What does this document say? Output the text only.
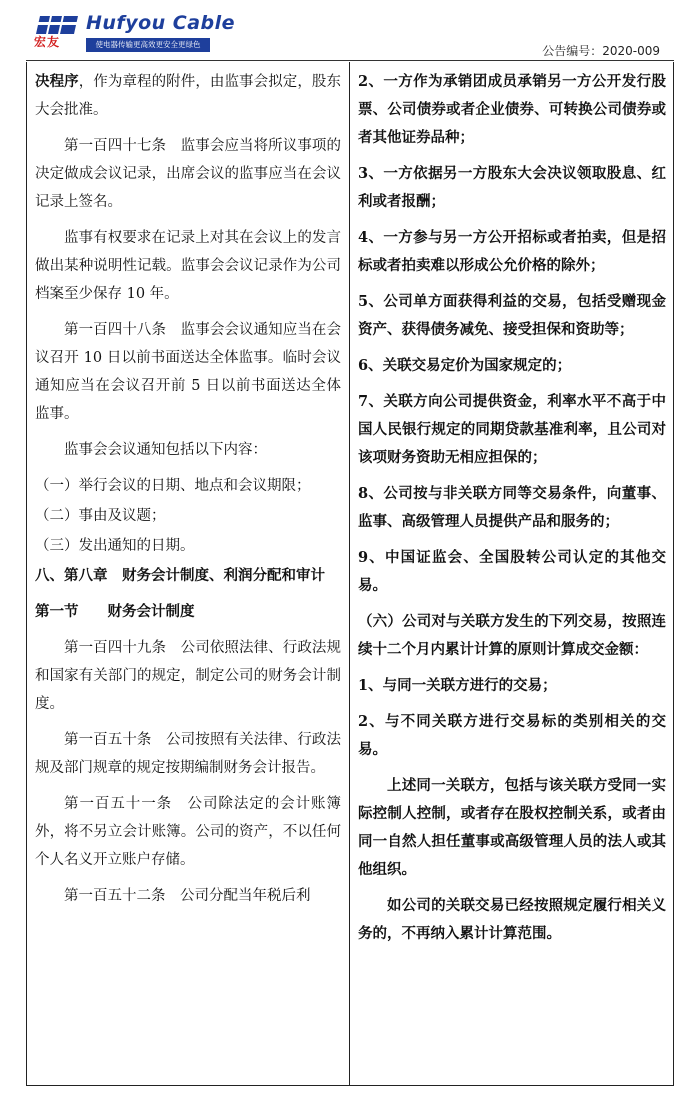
宏友
Hufyou Cable
使电器传输更高效更安全更绿色	公告编号：2020-009

决程序，作为章程的附件，由监事会拟定，股东大会批准。

第一百四十七条　监事会应当将所议事项的决定做成会议记录，出席会议的监事应当在会议记录上签名。

监事有权要求在记录上对其在会议上的发言做出某种说明性记载。监事会会议记录作为公司档案至少保存 10 年。

第一百四十八条　监事会会议通知应当在会议召开 10 日以前书面送达全体监事。临时会议通知应当在会议召开前 5 日以前书面送达全体监事。

监事会会议通知包括以下内容：

（一）举行会议的日期、地点和会议期限；

（二）事由及议题；

（三）发出通知的日期。

八、第八章　财务会计制度、利润分配和审计

第一节　　财务会计制度

第一百四十九条　公司依照法律、行政法规和国家有关部门的规定，制定公司的财务会计制度。

第一百五十条　公司按照有关法律、行政法规及部门规章的规定按期编制财务会计报告。

第一百五十一条　公司除法定的会计账簿外，将不另立会计账簿。公司的资产，不以任何个人名义开立账户存储。

第一百五十二条　公司分配当年税后利

2、一方作为承销团成员承销另一方公开发行股票、公司债券或者企业债券、可转换公司债券或者其他证券品种；

3、一方依据另一方股东大会决议领取股息、红利或者报酬；

4、一方参与另一方公开招标或者拍卖，但是招标或者拍卖难以形成公允价格的除外；

5、公司单方面获得利益的交易，包括受赠现金资产、获得债务减免、接受担保和资助等；

6、关联交易定价为国家规定的；

7、关联方向公司提供资金，利率水平不高于中国人民银行规定的同期贷款基准利率，且公司对该项财务资助无相应担保的；

8、公司按与非关联方同等交易条件，向董事、监事、高级管理人员提供产品和服务的；

9、中国证监会、全国股转公司认定的其他交易。

（六）公司对与关联方发生的下列交易，按照连续十二个月内累计计算的原则计算成交金额：

1、与同一关联方进行的交易；

2、与不同关联方进行交易标的类别相关的交易。

上述同一关联方，包括与该关联方受同一实际控制人控制，或者存在股权控制关系，或者由同一自然人担任董事或高级管理人员的法人或其他组织。

如公司的关联交易已经按照规定履行相关义务的，不再纳入累计计算范围。
